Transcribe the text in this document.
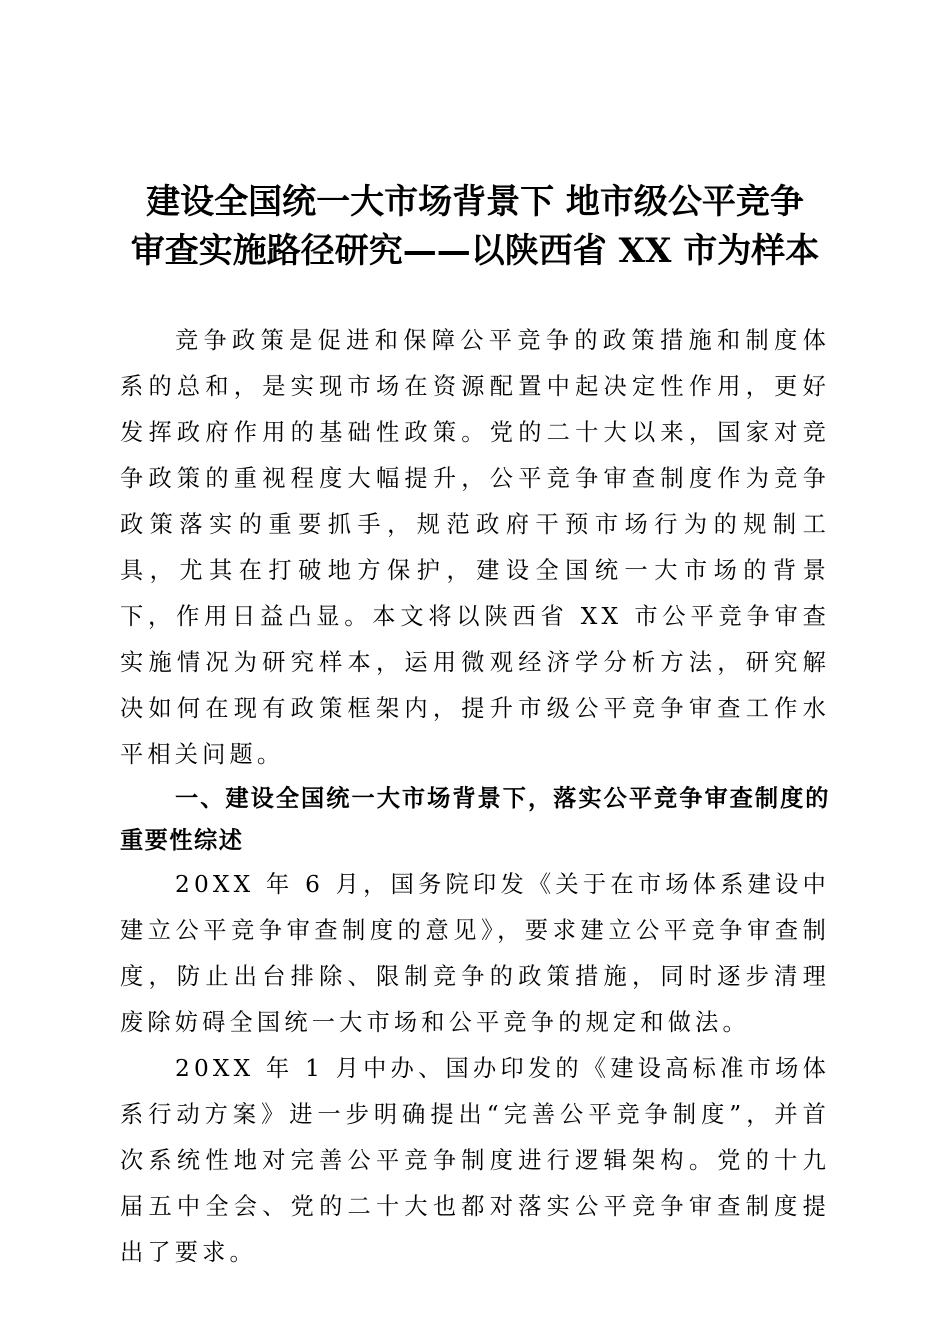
建设全国统一大市场背景下 地市级公平竞争
审查实施路径研究——以陕西省 XX 市为样本

竞争政策是促进和保障公平竞争的政策措施和制度体系的总和，是实现市场在资源配置中起决定性作用，更好发挥政府作用的基础性政策。党的二十大以来，国家对竞争政策的重视程度大幅提升，公平竞争审查制度作为竞争政策落实的重要抓手，规范政府干预市场行为的规制工具，尤其在打破地方保护，建设全国统一大市场的背景下，作用日益凸显。本文将以陕西省 XX 市公平竞争审查实施情况为研究样本，运用微观经济学分析方法，研究解决如何在现有政策框架内，提升市级公平竞争审查工作水平相关问题。

一、建设全国统一大市场背景下，落实公平竞争审查制度的重要性综述

20XX 年 6 月，国务院印发《关于在市场体系建设中建立公平竞争审查制度的意见》，要求建立公平竞争审查制度，防止出台排除、限制竞争的政策措施，同时逐步清理废除妨碍全国统一大市场和公平竞争的规定和做法。

20XX 年 1 月中办、国办印发的《建设高标准市场体系行动方案》进一步明确提出“完善公平竞争制度”，并首次系统性地对完善公平竞争制度进行逻辑架构。党的十九届五中全会、党的二十大也都对落实公平竞争审查制度提出了要求。
